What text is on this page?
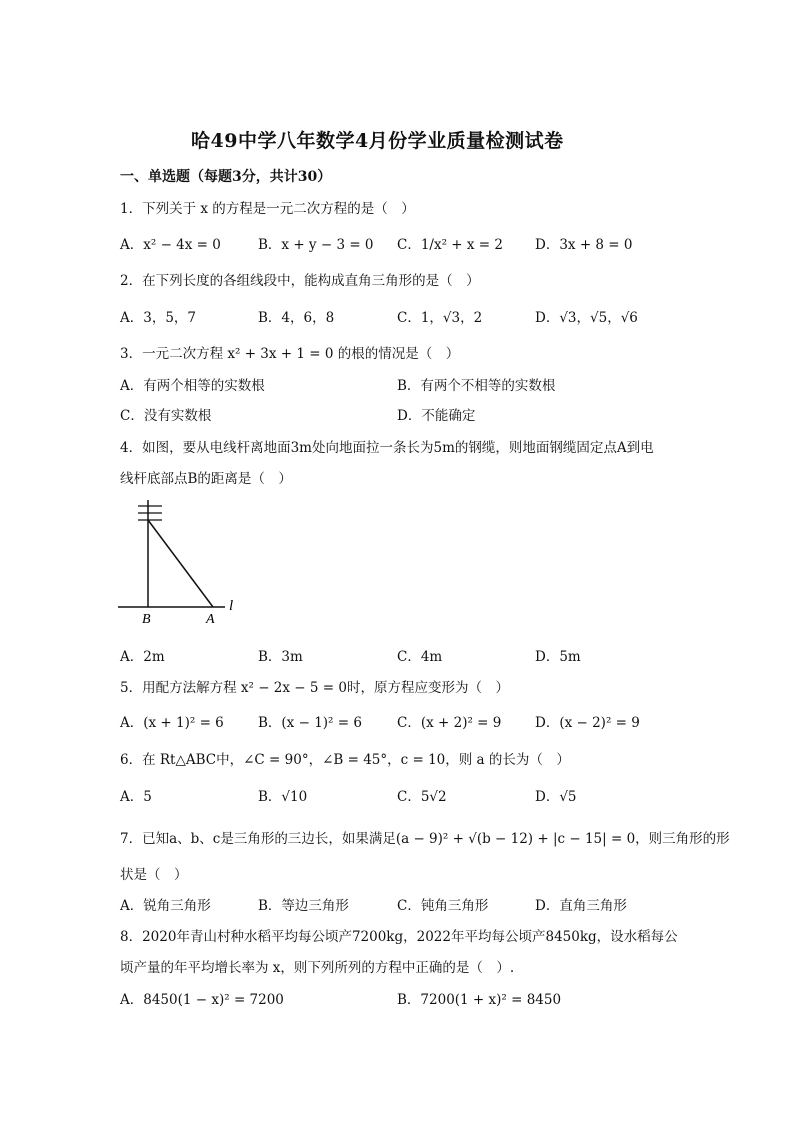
哈49中学八年数学4月份学业质量检测试卷
一、单选题（每题3分，共计30）
1．下列关于 x 的方程是一元二次方程的是（　）
A．x² − 4x = 0	B．x + y − 3 = 0 C．1/x² + x = 2 D．3x + 8 = 0
2．在下列长度的各组线段中，能构成直角三角形的是（　）
A．3，5，7	B．4，6，8	C．1，√3，2	D．√3，√5，√6
3．一元二次方程 x² + 3x + 1 = 0 的根的情况是（　）
A．有两个相等的实数根	B．有两个不相等的实数根
C．没有实数根	D．不能确定
4．如图，要从电线杆离地面3m处向地面拉一条长为5m的钢缆，则地面钢缆固定点A到电
线杆底部点B的距离是（　）
B	A
l
A．2m	B．3m	C．4m	D．5m
5．用配方法解方程 x² − 2x − 5 = 0时，原方程应变形为（　）
A．(x + 1)² = 6	B．(x − 1)² = 6	C．(x + 2)² = 9 D．(x − 2)² = 9
6．在 Rt△ABC中，∠C = 90°，∠B = 45°，c = 10，则 a 的长为（　）
A．5	B．√10	C．5√2	D．√5
7．已知a、b、c是三角形的三边长，如果满足(a − 9)² + √(b − 12) + |c − 15| = 0，则三角形的形
状是（　）
A．锐角三角形	B．等边三角形	C．钝角三角形	D．直角三角形
8．2020年青山村种水稻平均每公顷产7200kg，2022年平均每公顷产8450kg，设水稻每公
顷产量的年平均增长率为 x，则下列所列的方程中正确的是（　）.
A．8450(1 − x)² = 7200	B．7200(1 + x)² = 8450
